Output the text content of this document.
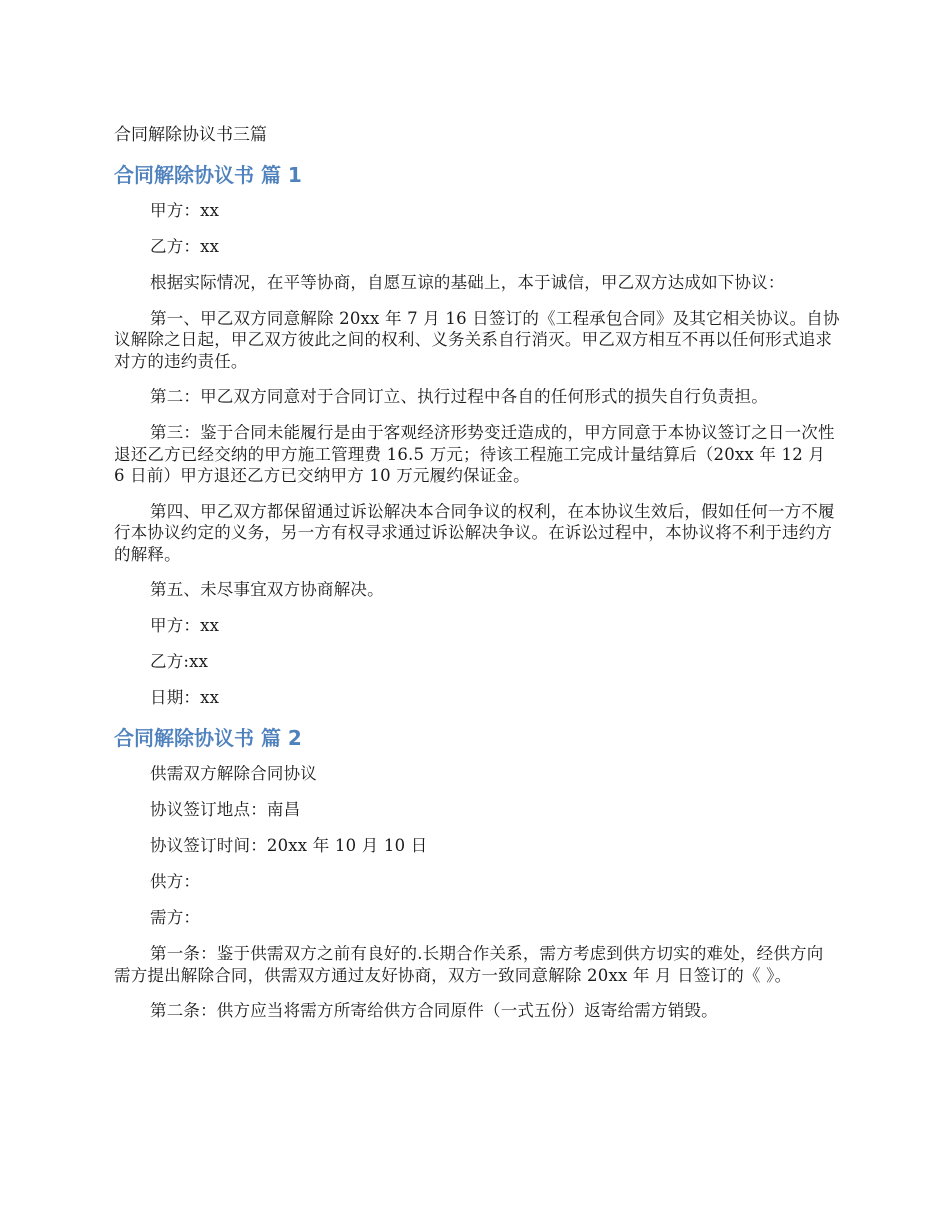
合同解除协议书三篇
合同解除协议书 篇 1

甲方：xx

乙方：xx

根据实际情况，在平等协商，自愿互谅的基础上，本于诚信，甲乙双方达成如下协议：

第一、甲乙双方同意解除 20xx 年 7 月 16 日签订的《工程承包合同》及其它相关协议。自协议解除之日起，甲乙双方彼此之间的权利、义务关系自行消灭。甲乙双方相互不再以任何形式追求对方的违约责任。

第二：甲乙双方同意对于合同订立、执行过程中各自的任何形式的损失自行负责担。

第三：鉴于合同未能履行是由于客观经济形势变迁造成的，甲方同意于本协议签订之日一次性退还乙方已经交纳的甲方施工管理费 16.5 万元；待该工程施工完成计量结算后（20xx 年 12 月 6 日前）甲方退还乙方已交纳甲方 10 万元履约保证金。

第四、甲乙双方都保留通过诉讼解决本合同争议的权利，在本协议生效后，假如任何一方不履行本协议约定的义务，另一方有权寻求通过诉讼解决争议。在诉讼过程中，本协议将不利于违约方的解释。

第五、未尽事宜双方协商解决。

甲方：xx

乙方:xx

日期：xx

合同解除协议书 篇 2

供需双方解除合同协议

协议签订地点：南昌

协议签订时间：20xx 年 10 月 10 日

供方：

需方：

第一条：鉴于供需双方之前有良好的.长期合作关系，需方考虑到供方切实的难处，经供方向需方提出解除合同，供需双方通过友好协商，双方一致同意解除 20xx 年 月 日签订的《 》。

第二条：供方应当将需方所寄给供方合同原件（一式五份）返寄给需方销毁。
